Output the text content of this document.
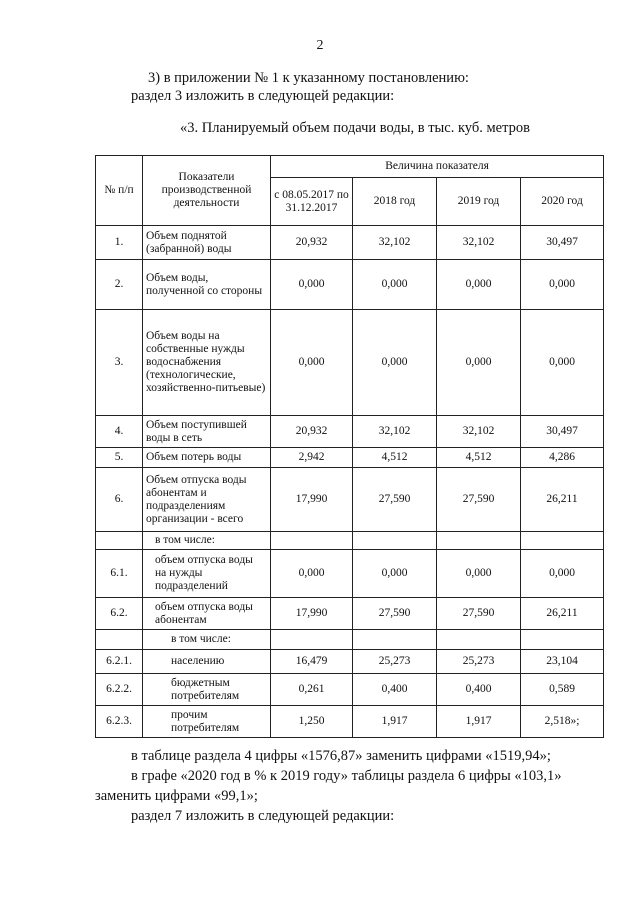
2
3) в приложении № 1 к указанному постановлению:
раздел 3 изложить в следующей редакции:
«3. Планируемый объем подачи воды, в тыс. куб. метров
№ п/п	Показатели производственной деятельности	Величина показателя			
		с 08.05.2017 по 31.12.2017	2018 год	2019 год	2020 год
1.	Объем поднятой (забранной) воды	20,932	32,102	32,102	30,497
2.	Объем воды, полученной со стороны	0,000	0,000	0,000	0,000
3.	Объем воды на собственные нужды водоснабжения (технологические, хозяйственно-питьевые)	0,000	0,000	0,000	0,000
4.	Объем поступившей воды в сеть	20,932	32,102	32,102	30,497
5.	Объем потерь воды	2,942	4,512	4,512	4,286
6.	Объем отпуска воды абонентам и подразделениям организации - всего	17,990	27,590	27,590	26,211
	в том числе:				
6.1.	объем отпуска воды на нужды подразделений	0,000	0,000	0,000	0,000
6.2.	объем отпуска воды абонентам	17,990	27,590	27,590	26,211
	в том числе:				
6.2.1.	населению	16,479	25,273	25,273	23,104
6.2.2.	бюджетным потребителям	0,261	0,400	0,400	0,589
6.2.3.	прочим потребителям	1,250	1,917	1,917	2,518»;
в таблице раздела 4 цифры «1576,87» заменить цифрами «1519,94»;
в графе «2020 год в % к 2019 году» таблицы раздела 6 цифры «103,1»
заменить цифрами «99,1»;
раздел 7 изложить в следующей редакции:
